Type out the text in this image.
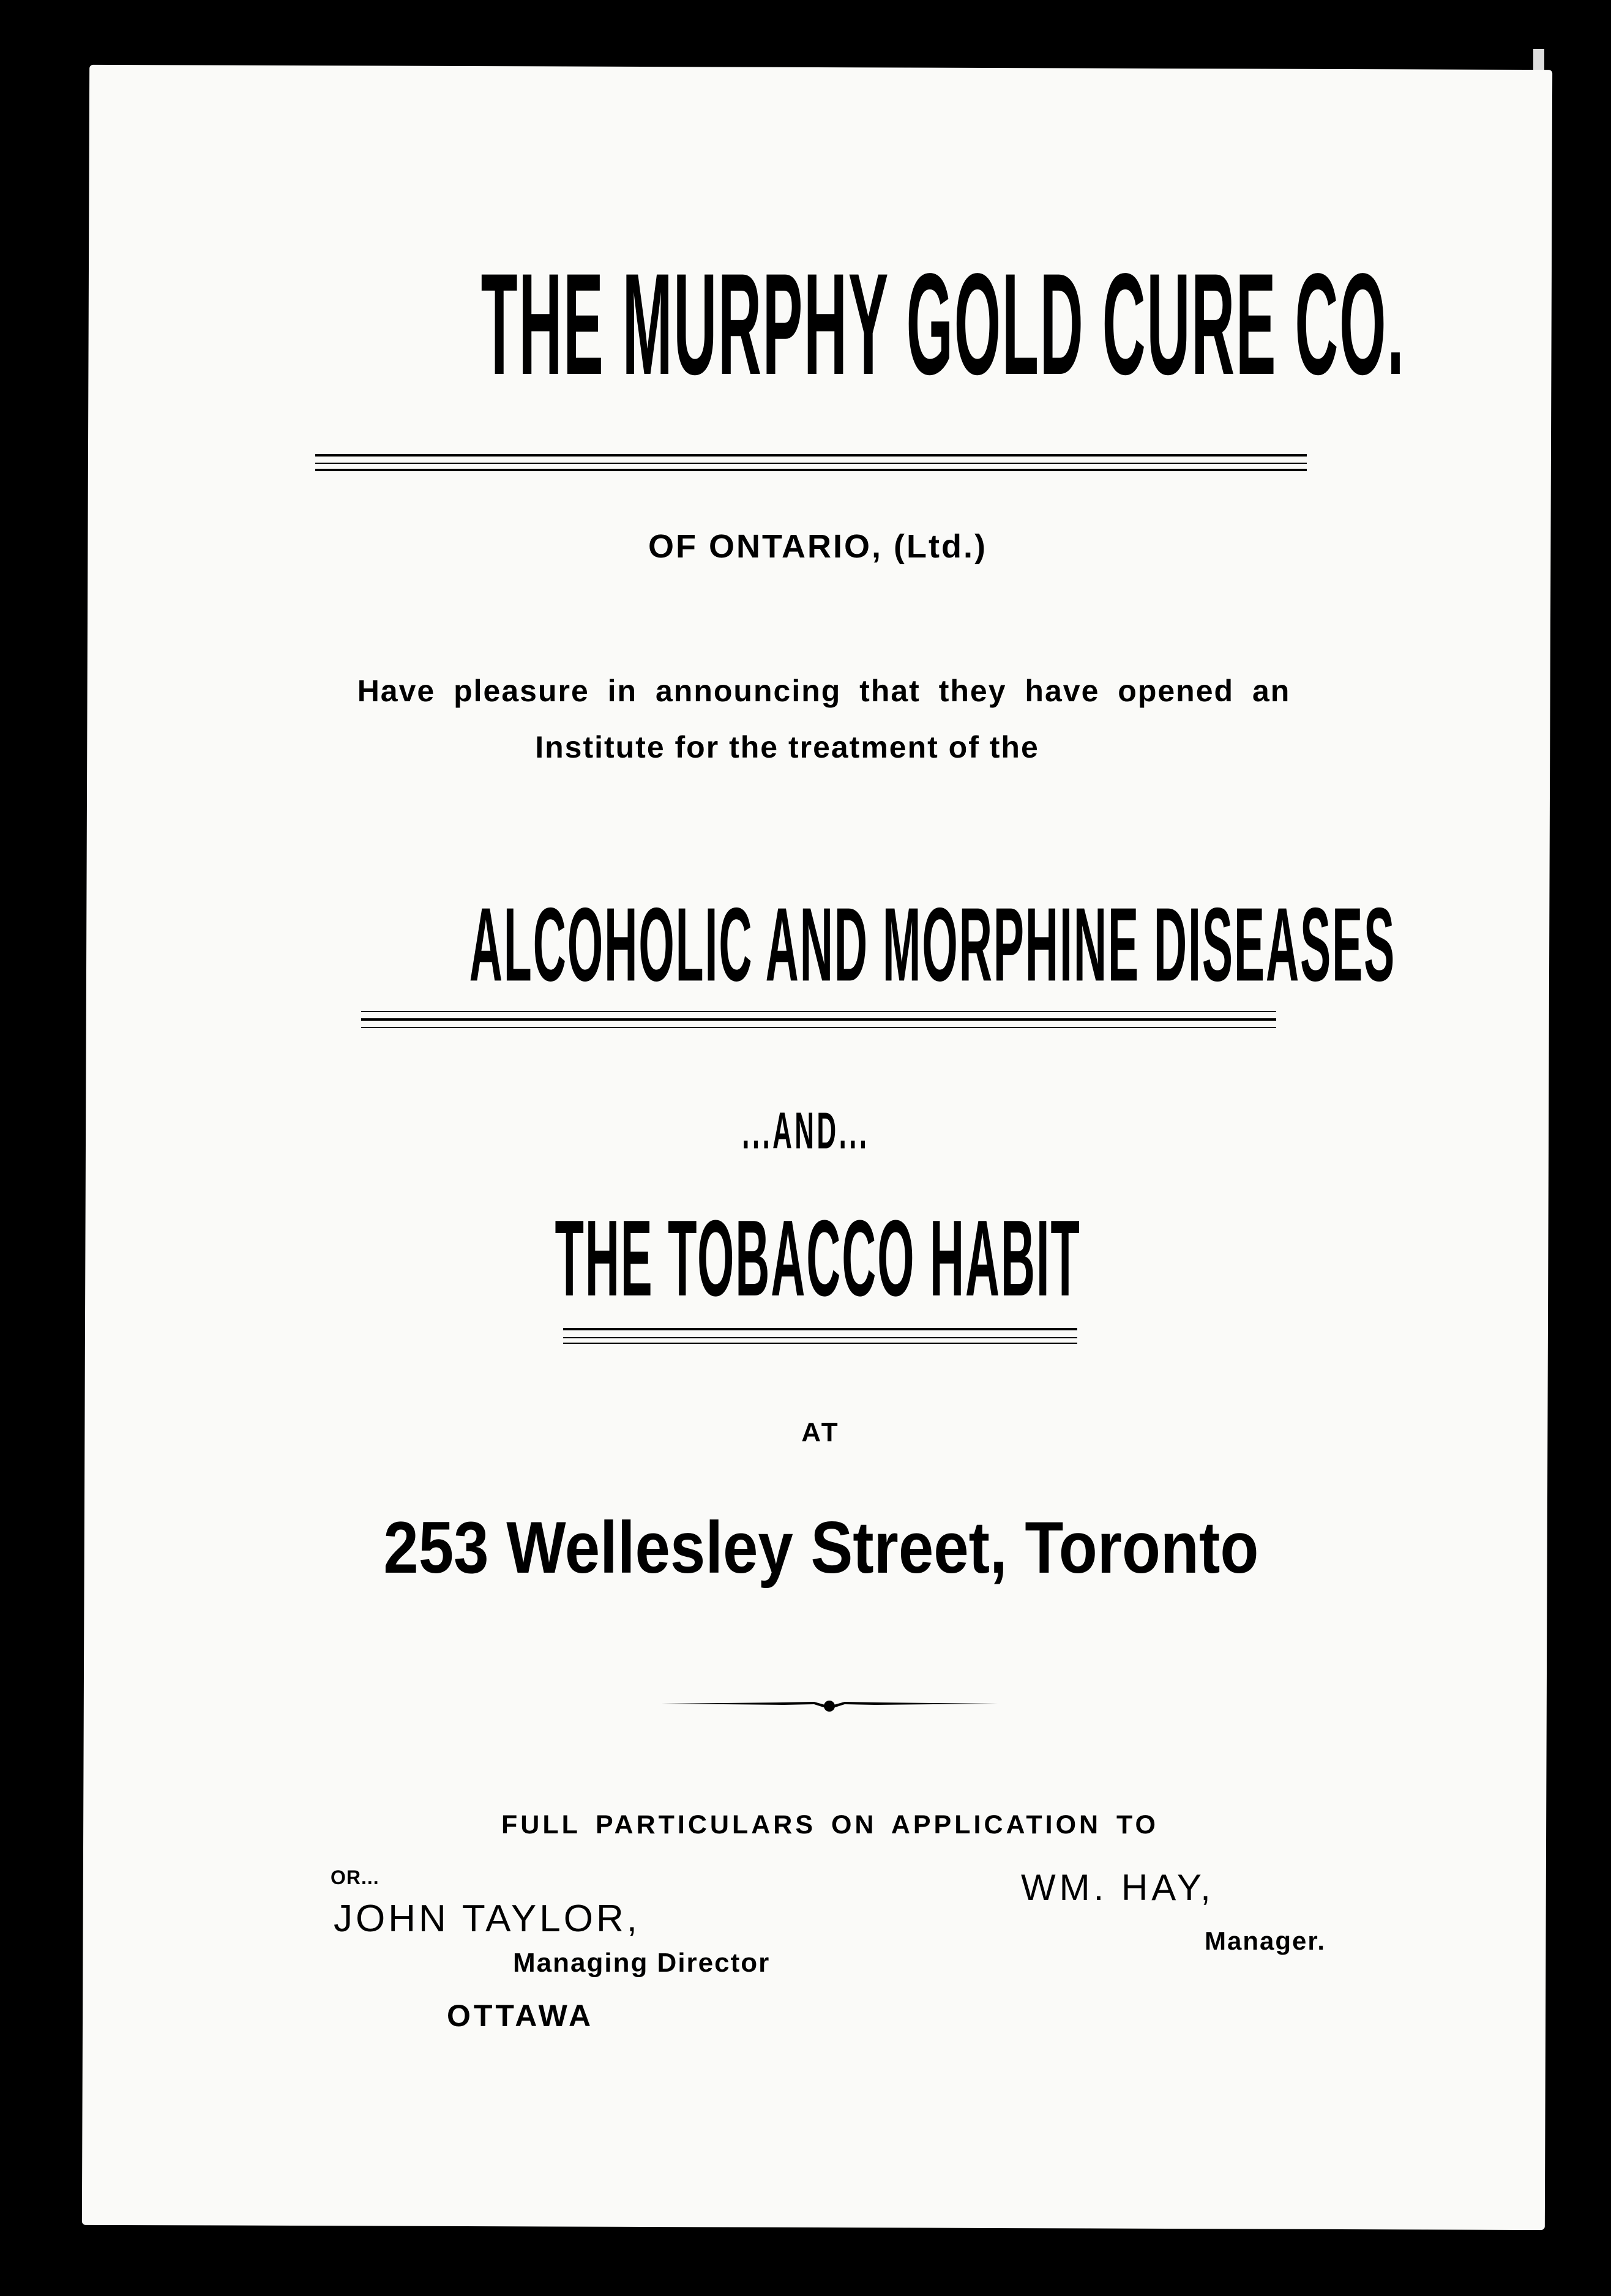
THE MURPHY GOLD CURE CO.
OF ONTARIO, (Ltd.)
Have pleasure in announcing that they have opened an
Institute for the treatment of the
ALCOHOLIC AND MORPHINE DISEASES
...AND...
THE TOBACCO HABIT
AT
253 Wellesley Street, Toronto
FULL PARTICULARS ON APPLICATION TO
OR...
JOHN TAYLOR,
Managing Director
OTTAWA
WM. HAY,
Manager.
